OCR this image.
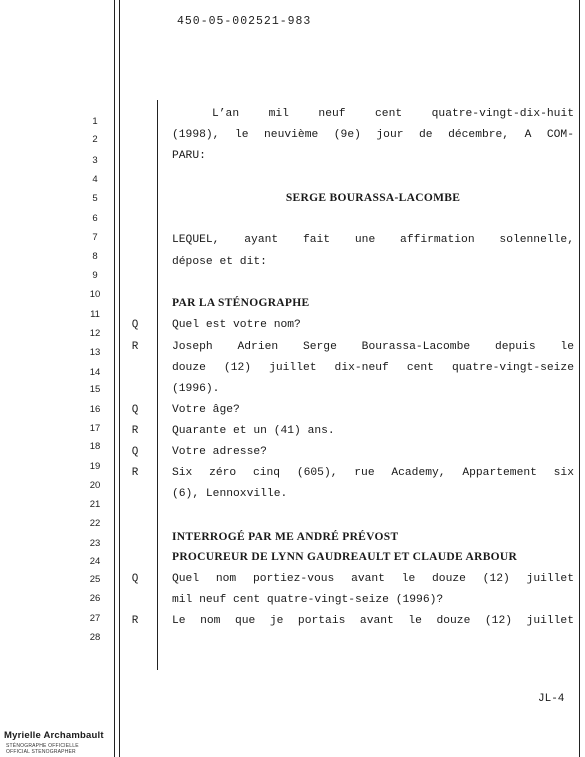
450-05-002521-983
1
2
3
4
5
6
7
8
9
10
11
12
13
14
15
16
17
18
19
20
21
22
23
24
25
26
27
28
L’an mil neuf cent quatre-vingt-dix-huit
(1998), le neuvième (9e) jour de décembre, A COM-
PARU:
SERGE BOURASSA-LACOMBE
LEQUEL, ayant fait une affirmation solennelle,
dépose et dit:
PAR LA STÉNOGRAPHE
Q	Quel est votre nom?
R	Joseph Adrien Serge Bourassa-Lacombe depuis le
douze (12) juillet dix-neuf cent quatre-vingt-seize
(1996).
Q	Votre âge?
R	Quarante et un (41) ans.
Q	Votre adresse?
R	Six zéro cinq (605), rue Academy, Appartement six
(6), Lennoxville.
INTERROGÉ PAR ME ANDRÉ PRÉVOST
PROCUREUR DE LYNN GAUDREAULT ET CLAUDE ARBOUR
Q	Quel nom portiez-vous avant le douze (12) juillet
mil neuf cent quatre-vingt-seize (1996)?
R	Le nom que je portais avant le douze (12) juillet
JL-4
Myrielle Archambault
STÉNOGRAPHE OFFICIELLE
OFFICIAL STENOGRAPHER
